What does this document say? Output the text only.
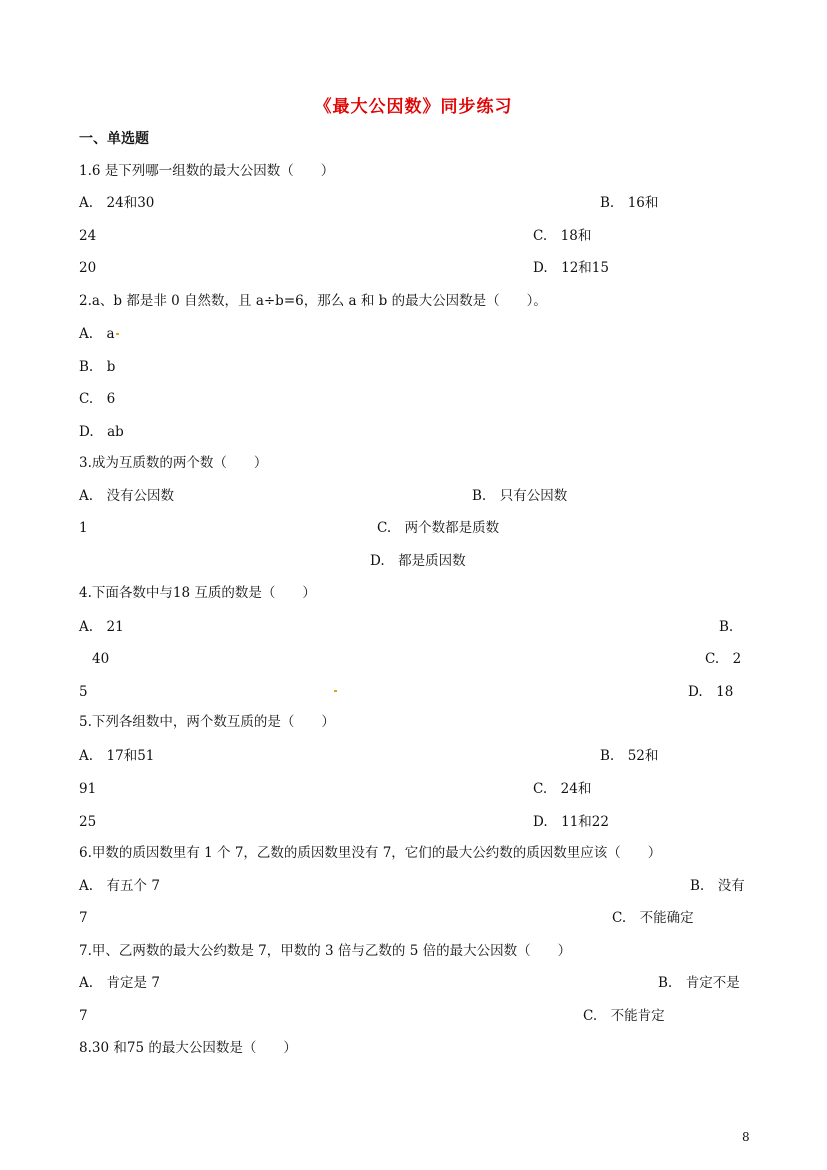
《最大公因数》同步练习
一、单选题
1.6 是下列哪一组数的最大公因数（　　）
A.　24和30	B.　16和
24	C.　18和
20	D.　12和15
2.a、b 都是非 0 自然数，且 a÷b=6，那么 a 和 b 的最大公因数是（　　）。
A.　a
B.　b
C.　6
D.　ab
3.成为互质数的两个数（　　）
A.　没有公因数	B.　只有公因数
1	C.　两个数都是质数
D.　都是质因数
4.下面各数中与18 互质的数是（　　）
A.　21	B.
40	C.　2
5	D.　18
5.下列各组数中，两个数互质的是（　　）
A.　17和51	B.　52和
91	C.　24和
25	D.　11和22
6.甲数的质因数里有 1 个 7，乙数的质因数里没有 7，它们的最大公约数的质因数里应该（　　）
A.　有五个 7	B.　没有
7	C.　不能确定
7.甲、乙两数的最大公约数是 7，甲数的 3 倍与乙数的 5 倍的最大公因数（　　）
A.　肯定是 7	B.　肯定不是
7	C.　不能肯定
8.30 和75 的最大公因数是（　　）
8
